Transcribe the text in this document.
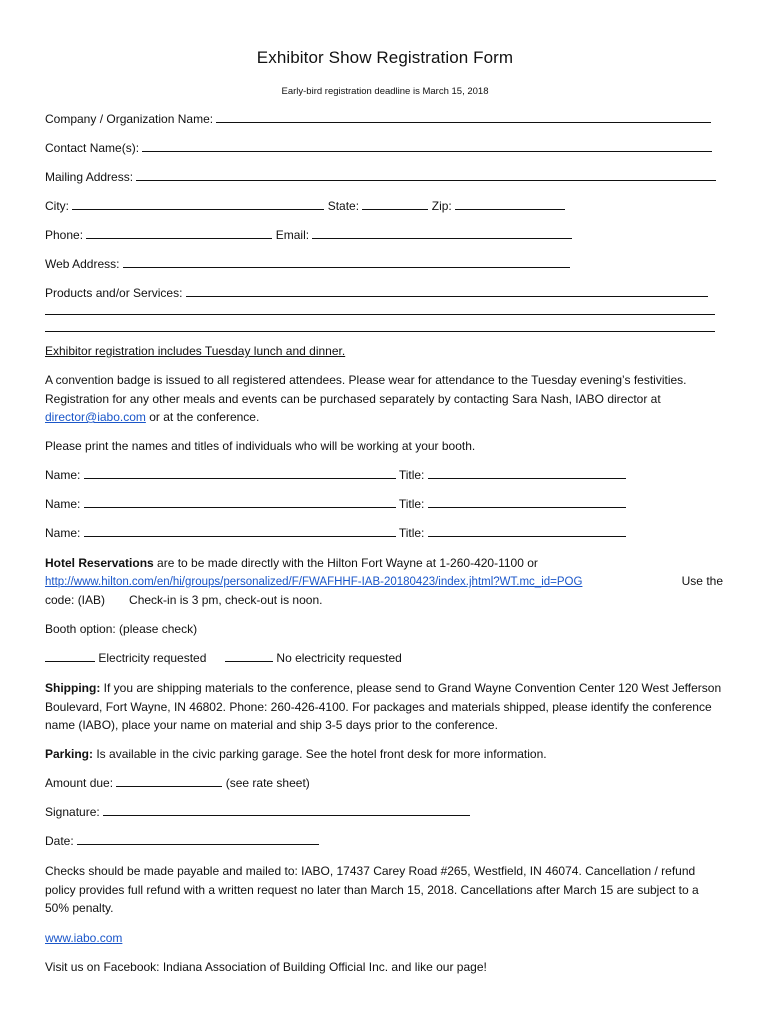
Exhibitor Show Registration Form
Early-bird registration deadline is March 15, 2018
Company / Organization Name:
Contact Name(s):
Mailing Address:
City:	State:	Zip:
Phone:	Email:
Web Address:
Products and/or Services:
Exhibitor registration includes Tuesday lunch and dinner.
A convention badge is issued to all registered attendees. Please wear for attendance to the Tuesday evening’s festivities. Registration for any other meals and events can be purchased separately by contacting Sara Nash, IABO director at director@iabo.com or at the conference.
Please print the names and titles of individuals who will be working at your booth.
Name:	Title:
Name:	Title:
Name:	Title:
Hotel Reservations are to be made directly with the Hilton Fort Wayne at 1-260-420-1100 or
http://www.hilton.com/en/hi/groups/personalized/F/FWAFHHF-IAB-20180423/index.jhtml?WT.mc_id=POG	Use the
code: (IAB) Check-in is 3 pm, check-out is noon.
Booth option: (please check)
Electricity requested	No electricity requested
Shipping: If you are shipping materials to the conference, please send to Grand Wayne Convention Center 120 West Jefferson Boulevard, Fort Wayne, IN 46802. Phone: 260-426-4100. For packages and materials shipped, please identify the conference name (IABO), place your name on material and ship 3-5 days prior to the conference.
Parking: Is available in the civic parking garage. See the hotel front desk for more information.
Amount due:	(see rate sheet)
Signature:
Date:
Checks should be made payable and mailed to: IABO, 17437 Carey Road #265, Westfield, IN 46074. Cancellation / refund policy provides full refund with a written request no later than March 15, 2018. Cancellations after March 15 are subject to a 50% penalty.
www.iabo.com
Visit us on Facebook: Indiana Association of Building Official Inc. and like our page!
